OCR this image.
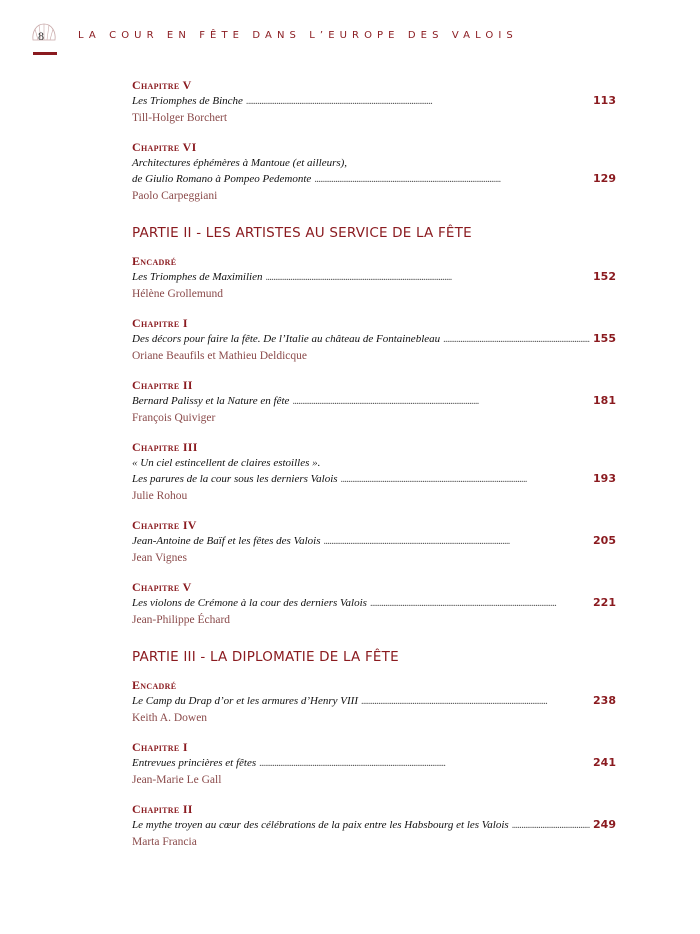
8	LA COUR EN FÊTE DANS L’EUROPE DES VALOIS
Chapitre V
Les Triomphes de Binche . . .	113
Till-Holger Borchert
Chapitre VI
Architectures éphémères à Mantoue (et ailleurs),
de Giulio Romano à Pompeo Pedemonte . . .	129
Paolo Carpeggiani
PARTIE II - LES ARTISTES AU SERVICE DE LA FÊTE
Encadré
Les Triomphes de Maximilien . . .	152
Hélène Grollemund
Chapitre I
Des décors pour faire la fête. De l’Italie au château de Fontainebleau . . .	155
Oriane Beaufils et Mathieu Deldicque
Chapitre II
Bernard Palissy et la Nature en fête . . .	181
François Quiviger
Chapitre III
« Un ciel estincellent de claires estoilles ».
Les parures de la cour sous les derniers Valois . . .	193
Julie Rohou
Chapitre IV
Jean-Antoine de Baïf et les fêtes des Valois . . .	205
Jean Vignes
Chapitre V
Les violons de Crémone à la cour des derniers Valois . . .	221
Jean-Philippe Échard
PARTIE III - LA DIPLOMATIE DE LA FÊTE
Encadré
Le Camp du Drap d’or et les armures d’Henry VIII . . .	238
Keith A. Dowen
Chapitre I
Entrevues princières et fêtes . . .	241
Jean-Marie Le Gall
Chapitre II
Le mythe troyen au cœur des célébrations de la paix entre les Habsbourg et les Valois . . .	249
Marta Francia
